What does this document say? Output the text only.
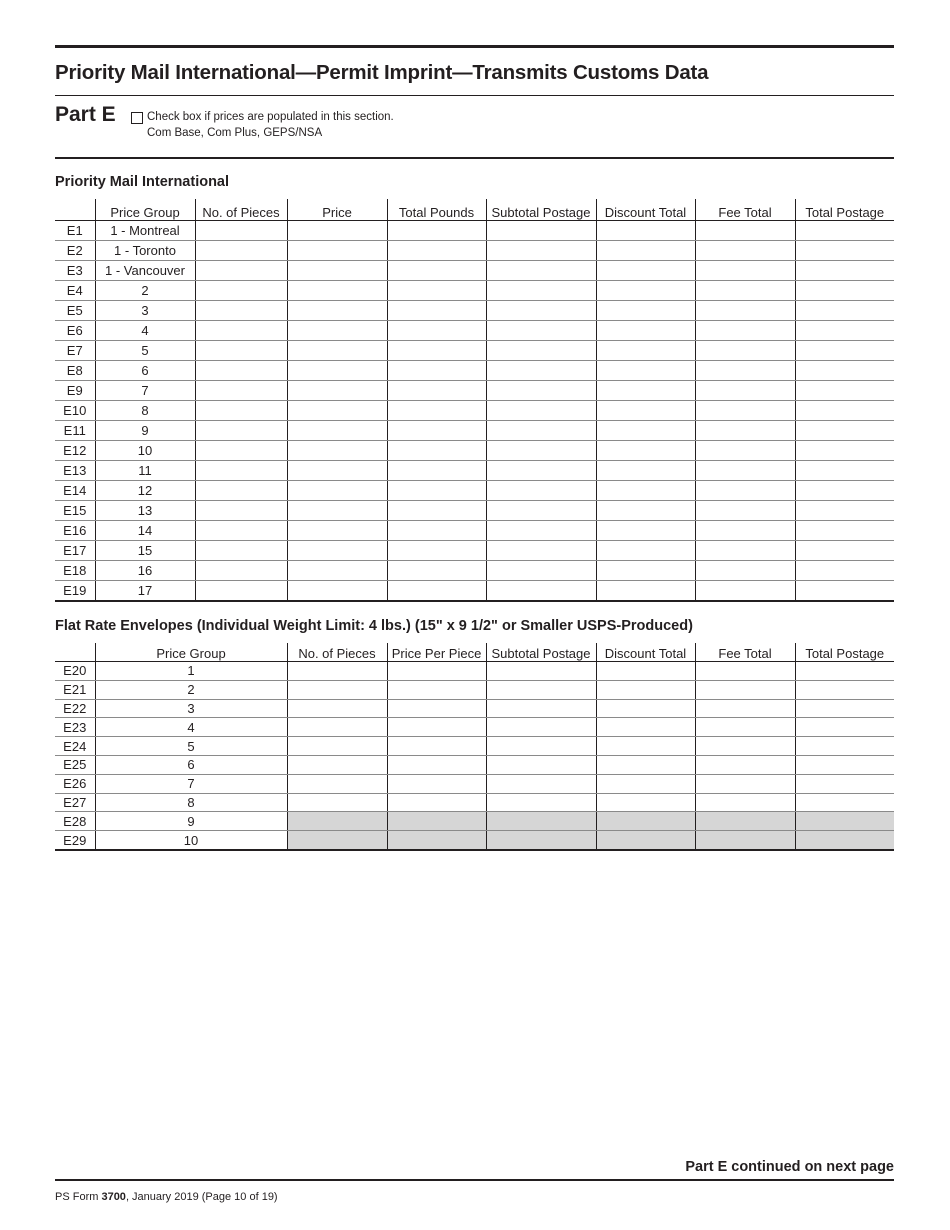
Priority Mail International—Permit Imprint—Transmits Customs Data
Part E	Check box if prices are populated in this section.
Com Base, Com Plus, GEPS/NSA
Priority Mail International
	Price Group	No. of Pieces	Price	Total Pounds	Subtotal Postage	Discount Total	Fee Total	Total Postage
E1	1 - Montreal							
E2	1 - Toronto							
E3	1 - Vancouver							
E4	2							
E5	3							
E6	4							
E7	5							
E8	6							
E9	7							
E10	8							
E11	9							
E12	10							
E13	11							
E14	12							
E15	13							
E16	14							
E17	15							
E18	16							
E19	17							
Flat Rate Envelopes (Individual Weight Limit: 4 lbs.) (15" x 9 1/2" or Smaller USPS-Produced)
	Price Group	No. of Pieces	Price Per Piece	Subtotal Postage	Discount Total	Fee Total	Total Postage
E20	1						
E21	2						
E22	3						
E23	4						
E24	5						
E25	6						
E26	7						
E27	8						
E28	9						
E29	10						
Part E continued on next page
PS Form 3700, January 2019 (Page 10 of 19)
